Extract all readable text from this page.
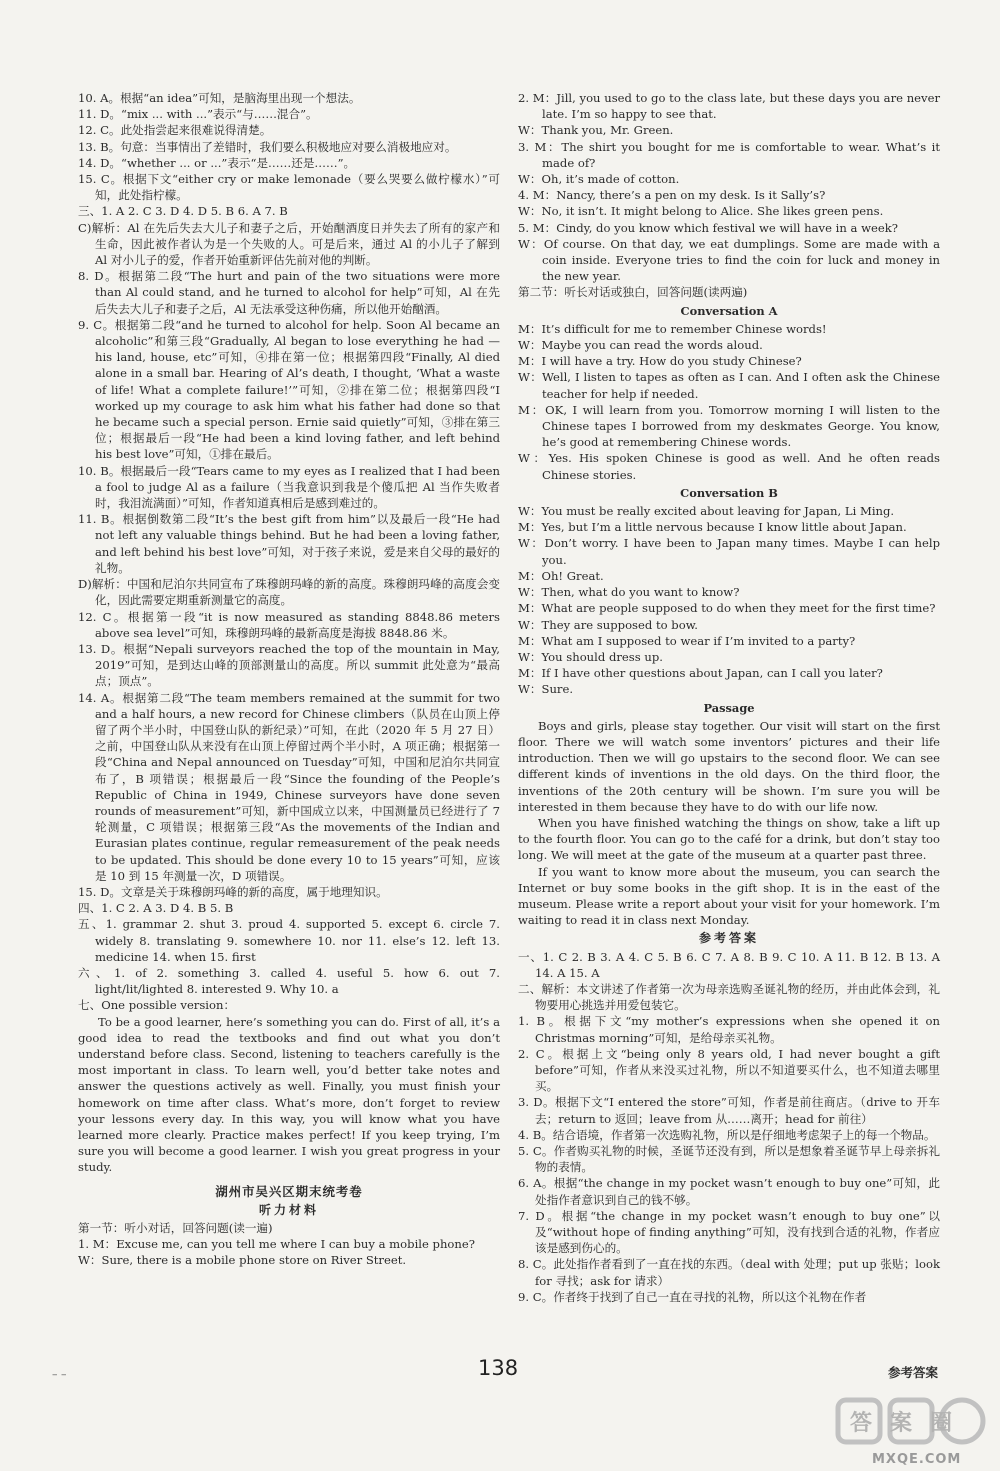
10. A。根据“an idea”可知，是脑海里出现一个想法。

11. D。“mix ... with ...”表示“与……混合”。

12. C。此处指尝起来很难说得清楚。

13. B。句意：当事情出了差错时，我们要么积极地应对要么消极地应对。

14. D。“whether ... or ...”表示“是……还是……”。

15. C。根据下文“either cry or make lemonade（要么哭要么做柠檬水）”可知，此处指柠檬。

三、1. A 2. C 3. D 4. D 5. B 6. A 7. B

C)解析：Al 在先后失去大儿子和妻子之后，开始酗酒度日并失去了所有的家产和生命，因此被作者认为是一个失败的人。可是后来，通过 Al 的小儿子了解到 Al 对小儿子的爱，作者开始重新评估先前对他的判断。

8. D。根据第二段“The hurt and pain of the two situations were more than Al could stand, and he turned to alcohol for help”可知，Al 在先后失去大儿子和妻子之后，Al 无法承受这种伤痛，所以他开始酗酒。

9. C。根据第二段“and he turned to alcohol for help. Soon Al became an alcoholic”和第三段“Gradually, Al began to lose everything he had — his land, house, etc”可知，④排在第一位；根据第四段“Finally, Al died alone in a small bar. Hearing of Al’s death, I thought, ‘What a waste of life! What a complete failure!’”可知，②排在第二位；根据第四段“I worked up my courage to ask him what his father had done so that he became such a special person. Ernie said quietly”可知，③排在第三位；根据最后一段“He had been a kind loving father, and left behind his best love”可知，①排在最后。

10. B。根据最后一段“Tears came to my eyes as I realized that I had been a fool to judge Al as a failure（当我意识到我是个傻瓜把 Al 当作失败者时，我泪流满面）”可知，作者知道真相后是感到难过的。

11. B。根据倒数第二段“It’s the best gift from him”以及最后一段“He had not left any valuable things behind. But he had been a loving father, and left behind his best love”可知，对于孩子来说，爱是来自父母的最好的礼物。

D)解析：中国和尼泊尔共同宣布了珠穆朗玛峰的新的高度。珠穆朗玛峰的高度会变化，因此需要定期重新测量它的高度。

12. C。根据第一段“it is now measured as standing 8848.86 meters above sea level”可知，珠穆朗玛峰的最新高度是海拔 8848.86 米。

13. D。根据“Nepali surveyors reached the top of the mountain in May, 2019”可知，是到达山峰的顶部测量山的高度。所以 summit 此处意为“最高点；顶点”。

14. A。根据第二段“The team members remained at the summit for two and a half hours, a new record for Chinese climbers（队员在山顶上停留了两个半小时，中国登山队的新纪录）”可知，在此（2020 年 5 月 27 日）之前，中国登山队从来没有在山顶上停留过两个半小时，A 项正确；根据第一段“China and Nepal announced on Tuesday”可知，中国和尼泊尔共同宣布了，B 项错误；根据最后一段“Since the founding of the People’s Republic of China in 1949, Chinese surveyors have done seven rounds of measurement”可知，新中国成立以来，中国测量员已经进行了 7 轮测量，C 项错误；根据第三段“As the movements of the Indian and Eurasian plates continue, regular remeasurement of the peak needs to be updated. This should be done every 10 to 15 years”可知，应该是 10 到 15 年测量一次，D 项错误。

15. D。文章是关于珠穆朗玛峰的新的高度，属于地理知识。

四、1. C 2. A 3. D 4. B 5. B

五、1. grammar 2. shut 3. proud 4. supported 5. except 6. circle 7. widely 8. translating 9. somewhere 10. nor 11. else’s 12. left 13. medicine 14. when 15. first

六、1. of 2. something 3. called 4. useful 5. how 6. out 7. light/lit/lighted 8. interested 9. Why 10. a

七、One possible version：

To be a good learner, here’s something you can do. First of all, it’s a good idea to read the textbooks and find out what you don’t understand before class. Second, listening to teachers carefully is the most important in class. To learn well, you’d better take notes and answer the questions actively as well. Finally, you must finish your homework on time after class. What’s more, don’t forget to review your lessons every day. In this way, you will know what you have learned more clearly. Practice makes perfect! If you keep trying, I’m sure you will become a good learner. I wish you great progress in your study.

湖州市吴兴区期末统考卷

听力材料

第一节：听小对话，回答问题(读一遍)

1. M：Excuse me, can you tell me where I can buy a mobile phone?

W：Sure, there is a mobile phone store on River Street.

2. M：Jill, you used to go to the class late, but these days you are never late. I’m so happy to see that.

W：Thank you, Mr. Green.

3. M：The shirt you bought for me is comfortable to wear. What’s it made of?

W：Oh, it’s made of cotton.

4. M：Nancy, there’s a pen on my desk. Is it Sally’s?

W：No, it isn’t. It might belong to Alice. She likes green pens.

5. M：Cindy, do you know which festival we will have in a week?

W：Of course. On that day, we eat dumplings. Some are made with a coin inside. Everyone tries to find the coin for luck and money in the new year.

第二节：听长对话或独白，回答问题(读两遍)

Conversation A

M：It’s difficult for me to remember Chinese words!

W：Maybe you can read the words aloud.

M：I will have a try. How do you study Chinese?

W：Well, I listen to tapes as often as I can. And I often ask the Chinese teacher for help if needed.

M：OK, I will learn from you. Tomorrow morning I will listen to the Chinese tapes I borrowed from my deskmates George. You know, he’s good at remembering Chinese words.

W：Yes. His spoken Chinese is good as well. And he often reads Chinese stories.

Conversation B

W：You must be really excited about leaving for Japan, Li Ming.

M：Yes, but I’m a little nervous because I know little about Japan.

W：Don’t worry. I have been to Japan many times. Maybe I can help you.

M：Oh! Great.

W：Then, what do you want to know?

M：What are people supposed to do when they meet for the first time?

W：They are supposed to bow.

M：What am I supposed to wear if I’m invited to a party?

W：You should dress up.

M：If I have other questions about Japan, can I call you later?

W：Sure.

Passage

Boys and girls, please stay together. Our visit will start on the first floor. There we will watch some inventors’ pictures and their life introduction. Then we will go upstairs to the second floor. We can see different kinds of inventions in the old days. On the third floor, the inventions of the 20th century will be shown. I’m sure you will be interested in them because they have to do with our life now.

When you have finished watching the things on show, take a lift up to the fourth floor. You can go to the café for a drink, but don’t stay too long. We will meet at the gate of the museum at a quarter past three.

If you want to know more about the museum, you can search the Internet or buy some books in the gift shop. It is in the east of the museum. Please write a report about your visit for your homework. I’m waiting to read it in class next Monday.

参考答案

一、1. C 2. B 3. A 4. C 5. B 6. C 7. A 8. B 9. C 10. A 11. B 12. B 13. A 14. A 15. A

二、解析：本文讲述了作者第一次为母亲选购圣诞礼物的经历，并由此体会到，礼物要用心挑选并用爱包装它。

1. B。根据下文“my mother’s expressions when she opened it on Christmas morning”可知，是给母亲买礼物。

2. C。根据上文“being only 8 years old, I had never bought a gift before”可知，作者从来没买过礼物，所以不知道要买什么，也不知道去哪里买。

3. D。根据下文“I entered the store”可知，作者是前往商店。（drive to 开车去；return to 返回；leave from 从……离开；head for 前往）

4. B。结合语境，作者第一次选购礼物，所以是仔细地考虑架子上的每一个物品。

5. C。作者购买礼物的时候，圣诞节还没有到，所以是想象着圣诞节早上母亲拆礼物的表情。

6. A。根据“the change in my pocket wasn’t enough to buy one”可知，此处指作者意识到自己的钱不够。

7. D。根据“the change in my pocket wasn’t enough to buy one”以及“without hope of finding anything”可知，没有找到合适的礼物，作者应该是感到伤心的。

8. C。此处指作者看到了一直在找的东西。（deal with 处理；put up 张贴；look for 寻找；ask for 请求）

9. C。作者终于找到了自己一直在寻找的礼物，所以这个礼物在作者

– –	138	参考答案
答案圈
MXQE.COM
